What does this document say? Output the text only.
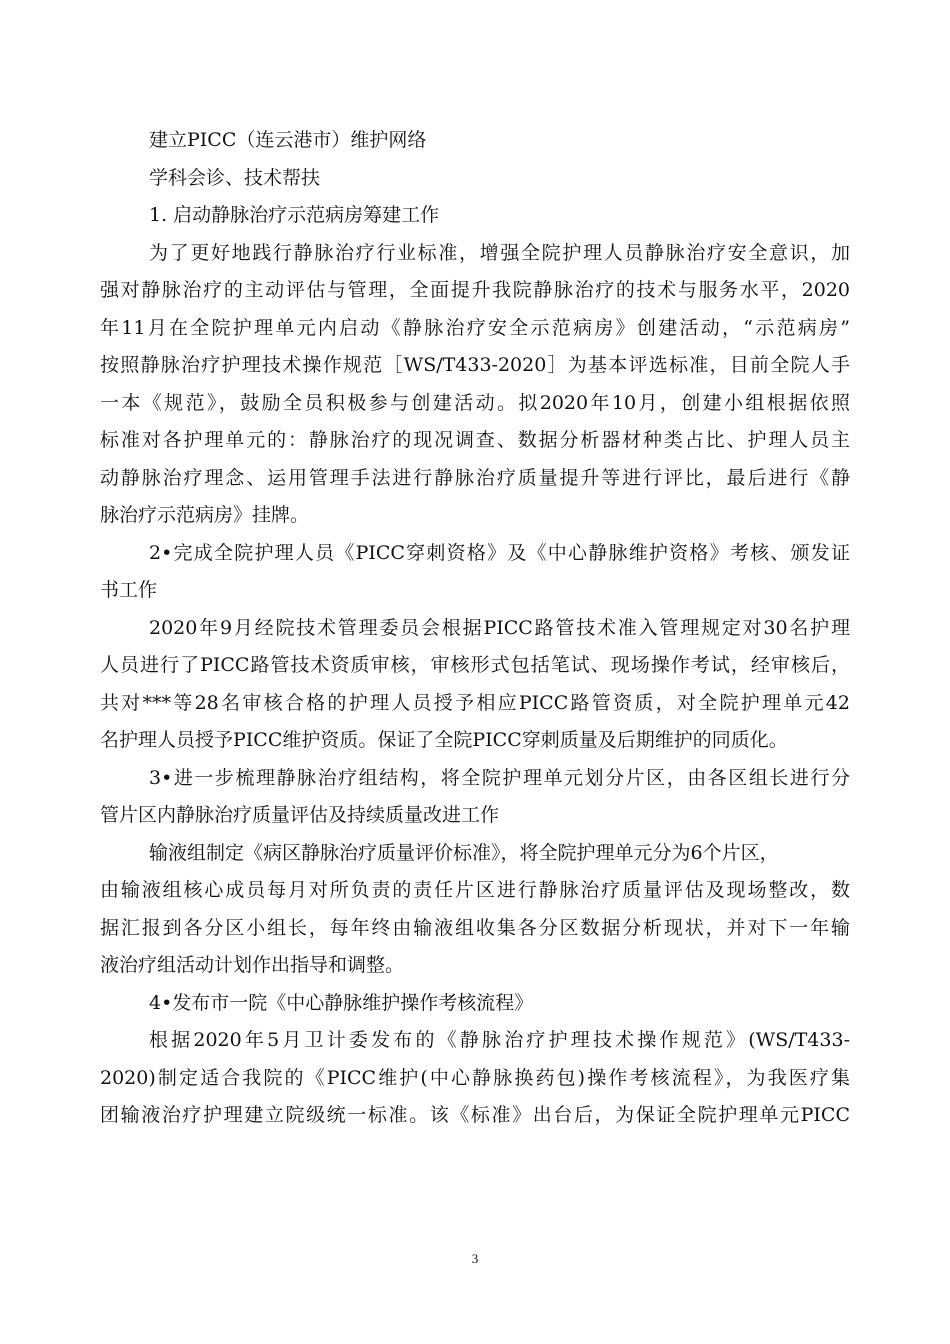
建立PICC（连云港市）维护网络
学科会诊、技术帮扶
1. 启动静脉治疗示范病房筹建工作
为了更好地践行静脉治疗行业标准，增强全院护理人员静脉治疗安全意识，加
强对静脉治疗的主动评估与管理，全面提升我院静脉治疗的技术与服务水平，2020
年11月在全院护理单元内启动《静脉治疗安全示范病房》创建活动，“示范病房”
按照静脉治疗护理技术操作规范［WS/T433-2020］为基本评选标准，目前全院人手
一本《规范》，鼓励全员积极参与创建活动。拟2020年10月，创建小组根据依照
标准对各护理单元的：静脉治疗的现况调查、数据分析器材种类占比、护理人员主
动静脉治疗理念、运用管理手法进行静脉治疗质量提升等进行评比，最后进行《静
脉治疗示范病房》挂牌。
2•完成全院护理人员《PICC穿刺资格》及《中心静脉维护资格》考核、颁发证
书工作
2020年9月经院技术管理委员会根据PICC路管技术准入管理规定对30名护理
人员进行了PICC路管技术资质审核，审核形式包括笔试、现场操作考试，经审核后，
共对***等28名审核合格的护理人员授予相应PICC路管资质，对全院护理单元42
名护理人员授予PICC维护资质。保证了全院PICC穿刺质量及后期维护的同质化。
3•进一步梳理静脉治疗组结构，将全院护理单元划分片区，由各区组长进行分
管片区内静脉治疗质量评估及持续质量改进工作
输液组制定《病区静脉治疗质量评价标准》，将全院护理单元分为6个片区，
由输液组核心成员每月对所负责的责任片区进行静脉治疗质量评估及现场整改，数
据汇报到各分区小组长，每年终由输液组收集各分区数据分析现状，并对下一年输
液治疗组活动计划作出指导和调整。
4•发布市一院《中心静脉维护操作考核流程》
根据2020年5月卫计委发布的《静脉治疗护理技术操作规范》(WS/T433-
2020)制定适合我院的《PICC维护(中心静脉换药包)操作考核流程》，为我医疗集
团输液治疗护理建立院级统一标准。该《标准》出台后，为保证全院护理单元PICC
3
